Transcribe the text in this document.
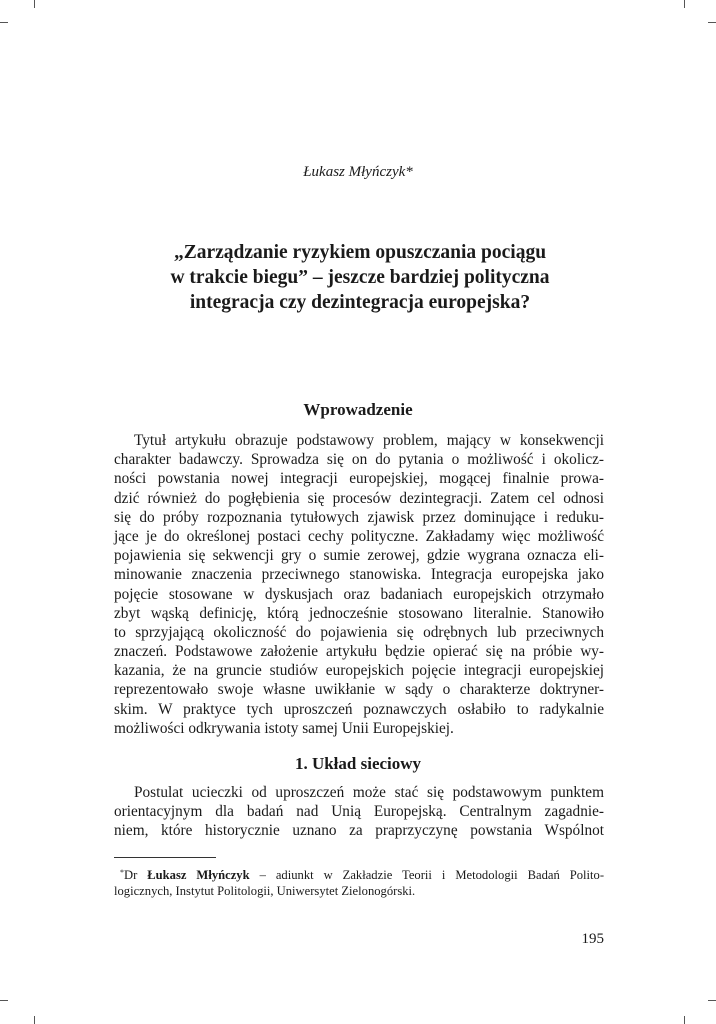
Łukasz Młyńczyk*
„Zarządzanie ryzykiem opuszczania pociągu
w trakcie biegu” – jeszcze bardziej polityczna
integracja czy dezintegracja europejska?
Wprowadzenie
Tytuł artykułu obrazuje podstawowy problem, mający w konsekwencji
charakter badawczy. Sprowadza się on do pytania o możliwość i okolicz-
ności powstania nowej integracji europejskiej, mogącej finalnie prowa-
dzić również do pogłębienia się procesów dezintegracji. Zatem cel odnosi
się do próby rozpoznania tytułowych zjawisk przez dominujące i reduku-
jące je do określonej postaci cechy polityczne. Zakładamy więc możliwość
pojawienia się sekwencji gry o sumie zerowej, gdzie wygrana oznacza eli-
minowanie znaczenia przeciwnego stanowiska. Integracja europejska jako
pojęcie stosowane w dyskusjach oraz badaniach europejskich otrzymało
zbyt wąską definicję, którą jednocześnie stosowano literalnie. Stanowiło
to sprzyjającą okoliczność do pojawienia się odrębnych lub przeciwnych
znaczeń. Podstawowe założenie artykułu będzie opierać się na próbie wy-
kazania, że na gruncie studiów europejskich pojęcie integracji europejskiej
reprezentowało swoje własne uwikłanie w sądy o charakterze doktryner-
skim. W praktyce tych uproszczeń poznawczych osłabiło to radykalnie
możliwości odkrywania istoty samej Unii Europejskiej.
1. Układ sieciowy
Postulat ucieczki od uproszczeń może stać się podstawowym punktem
orientacyjnym dla badań nad Unią Europejską. Centralnym zagadnie-
niem, które historycznie uznano za praprzyczynę powstania Wspólnot
*Dr Łukasz Młyńczyk – adiunkt w Zakładzie Teorii i Metodologii Badań Polito-
logicznych, Instytut Politologii, Uniwersytet Zielonogórski.
195
